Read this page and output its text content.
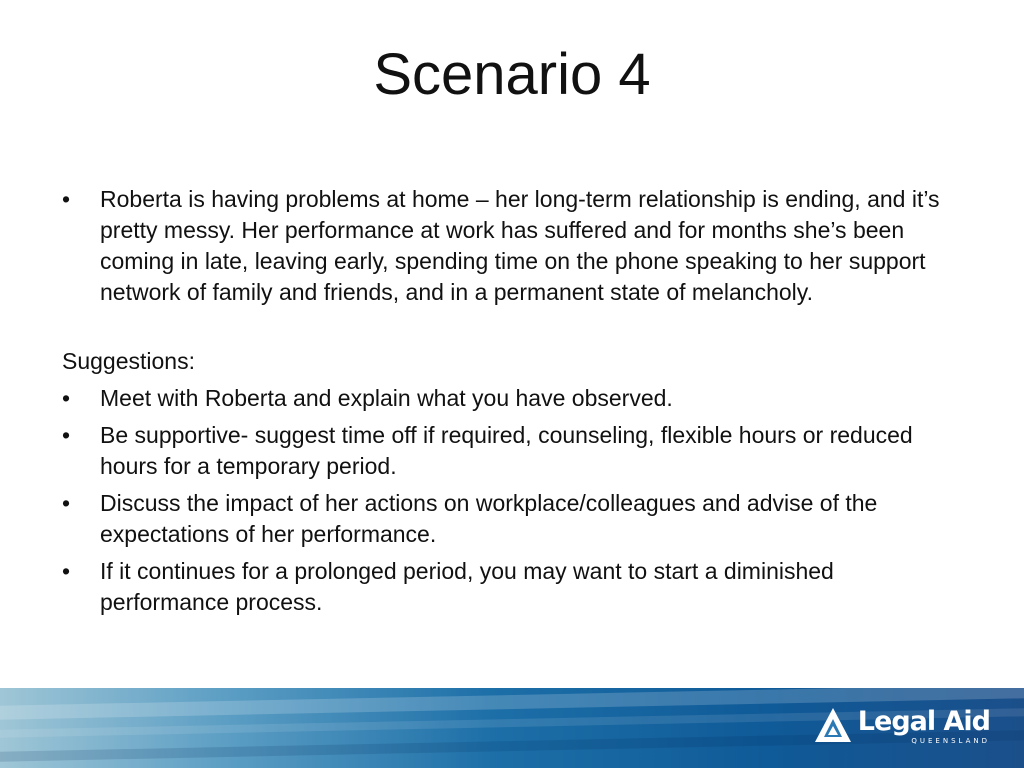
Scenario 4

•	Roberta is having problems at home – her long-term relationship is ending, and it’s pretty messy. Her performance at work has suffered and for months she’s been coming in late, leaving early, spending time on the phone speaking to her support network of family and friends, and in a permanent state of melancholy.

Suggestions:

•	Meet with Roberta and explain what you have observed.

•	Be supportive- suggest time off if required, counseling, flexible hours or reduced hours for a temporary period.

•	Discuss the impact of her actions on workplace/colleagues and advise of the expectations of her performance.

•	If it continues for a prolonged period, you may want to start a diminished performance process.

Legal Aid
QUEENSLAND
